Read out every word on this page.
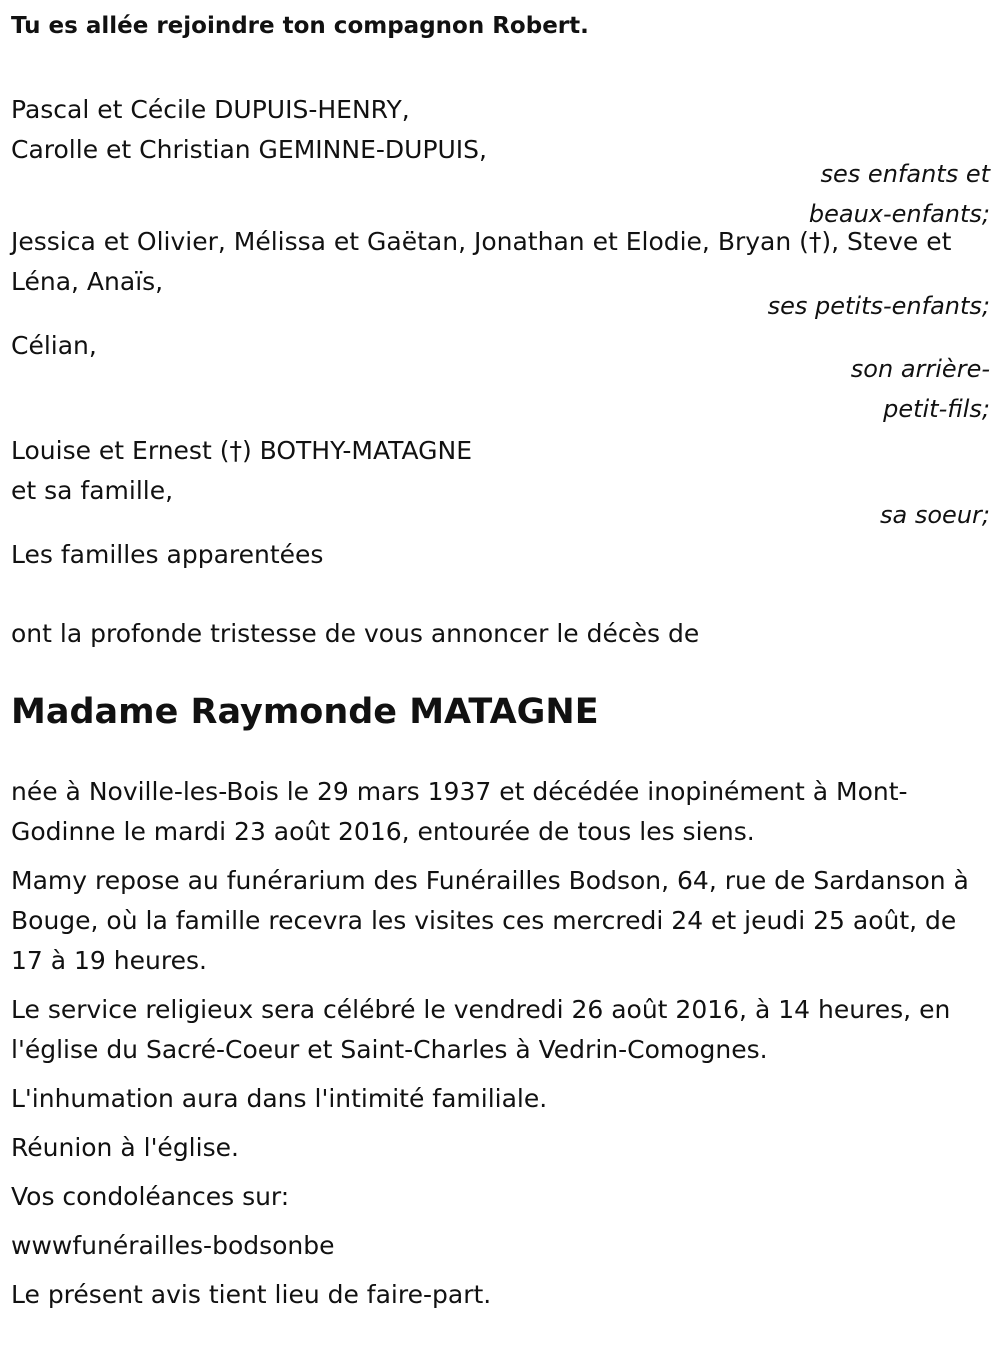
Tu es allée rejoindre ton compagnon Robert.
Pascal et Cécile DUPUIS-HENRY,
Carolle et Christian GEMINNE-DUPUIS,
ses enfants et
beaux-enfants;
Jessica et Olivier, Mélissa et Gaëtan, Jonathan et Elodie, Bryan (†), Steve et Léna, Anaïs,
ses petits-enfants;
Célian,
son arrière-
petit-fils;
Louise et Ernest (†) BOTHY-MATAGNE
et sa famille,
sa soeur;
Les familles apparentées
ont la profonde tristesse de vous annoncer le décès de
Madame Raymonde MATAGNE
née à Noville-les-Bois le 29 mars 1937 et décédée inopinément à Mont-Godinne le mardi 23 août 2016, entourée de tous les siens.
Mamy repose au funérarium des Funérailles Bodson, 64, rue de Sardanson à Bouge, où la famille recevra les visites ces mercredi 24 et jeudi 25 août, de 17 à 19 heures.
Le service religieux sera célébré le vendredi 26 août 2016, à 14 heures, en l'église du Sacré-Coeur et Saint-Charles à Vedrin-Comognes.
L'inhumation aura dans l'intimité familiale.
Réunion à l'église.
Vos condoléances sur:
wwwfunérailles-bodsonbe
Le présent avis tient lieu de faire-part.
